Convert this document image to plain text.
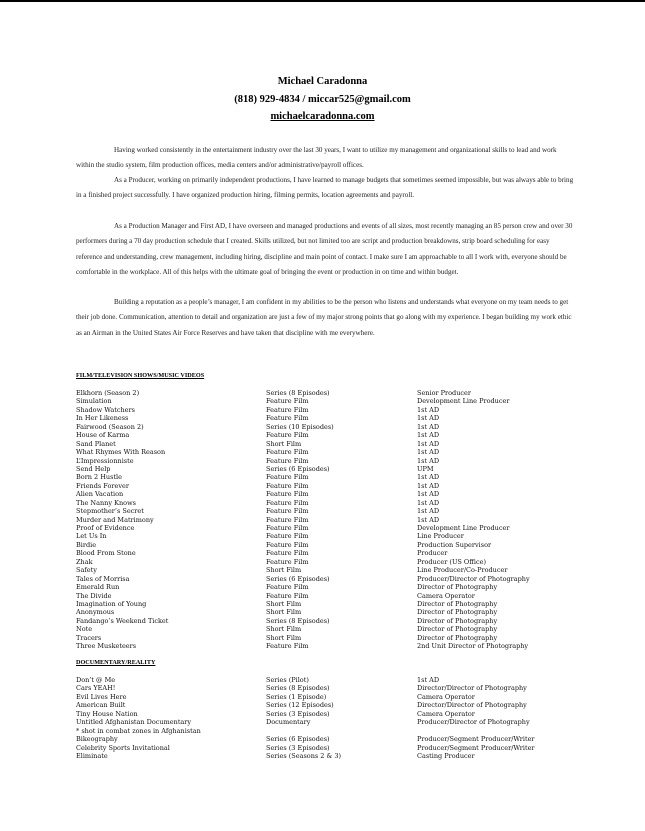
Michael Caradonna
(818) 929-4834 / miccar525@gmail.com
michaelcaradonna.com
Having worked consistently in the entertainment industry over the last 30 years, I want to utilize my management and organizational skills to lead and work within the studio system, film production offices, media centers and/or administrative/payroll offices.
As a Producer, working on primarily independent productions, I have learned to manage budgets that sometimes seemed impossible, but was always able to bring in a finished project successfully. I have organized production hiring, filming permits, location agreements and payroll.
As a Production Manager and First AD, I have overseen and managed productions and events of all sizes, most recently managing an 85 person crew and over 30 performers during a 70 day production schedule that I created. Skills utilized, but not limited too are script and production breakdowns, strip board scheduling for easy reference and understanding, crew management, including hiring, discipline and main point of contact. I make sure I am approachable to all I work with, everyone should be comfortable in the workplace. All of this helps with the ultimate goal of bringing the event or production in on time and within budget.
Building a reputation as a people’s manager, I am confident in my abilities to be the person who listens and understands what everyone on my team needs to get their job done. Communication, attention to detail and organization are just a few of my major strong points that go along with my experience. I began building my work ethic as an Airman in the United States Air Force Reserves and have taken that discipline with me everywhere.
FILM/TELEVISION SHOWS/MUSIC VIDEOS
Elkhorn (Season 2)	Series (8 Episodes)	Senior Producer
Simulation	Feature Film	Development Line Producer
Shadow Watchers	Feature Film	1st AD
In Her Likeness	Feature Film	1st AD
Fairwood (Season 2)	Series (10 Episodes)	1st AD
House of Karma	Feature Film	1st AD
Sand Planet	Short Film	1st AD
What Rhymes With Reason	Feature Film	1st AD
L’Impressionniste	Feature Film	1st AD
Send Help	Series (6 Episodes)	UPM
Born 2 Hustle	Feature Film	1st AD
Friends Forever	Feature Film	1st AD
Alien Vacation	Feature Film	1st AD
The Nanny Knows	Feature Film	1st AD
Stepmother’s Secret	Feature Film	1st AD
Murder and Matrimony	Feature Film	1st AD
Proof of Evidence	Feature Film	Development Line Producer
Let Us In	Feature Film	Line Producer
Birdie	Feature Film	Production Supervisor
Blood From Stone	Feature Film	Producer
Zhak	Feature Film	Producer (US Office)
Safety	Short Film	Line Producer/Co-Producer
Tales of Morrisa	Series (6 Episodes)	Producer/Director of Photography
Emerald Run	Feature Film	Director of Photography
The Divide	Feature Film	Camera Operator
Imagination of Young	Short Film	Director of Photography
Anonymous	Short Film	Director of Photography
Fandango’s Weekend Ticket	Series (8 Episodes)	Director of Photography
Note	Short Film	Director of Photography
Tracers	Short Film	Director of Photography
Three Musketeers	Feature Film	2nd Unit Director of Photography
DOCUMENTARY/REALITY
Don’t @ Me	Series (Pilot)	1st AD
Cars YEAH!	Series (8 Episodes)	Director/Director of Photography
Evil Lives Here	Series (1 Episode)	Camera Operator
American Built	Series (12 Episodes)	Director/Director of Photography
Tiny House Nation	Series (3 Episodes)	Camera Operator
Untitled Afghanistan Documentary	Documentary	Producer/Director of Photography
* shot in combat zones in Afghanistan
Bikeography	Series (6 Episodes)	Producer/Segment Producer/Writer
Celebrity Sports Invitational	Series (3 Episodes)	Producer/Segment Producer/Writer
Eliminate	Series (Seasons 2 & 3)	Casting Producer
